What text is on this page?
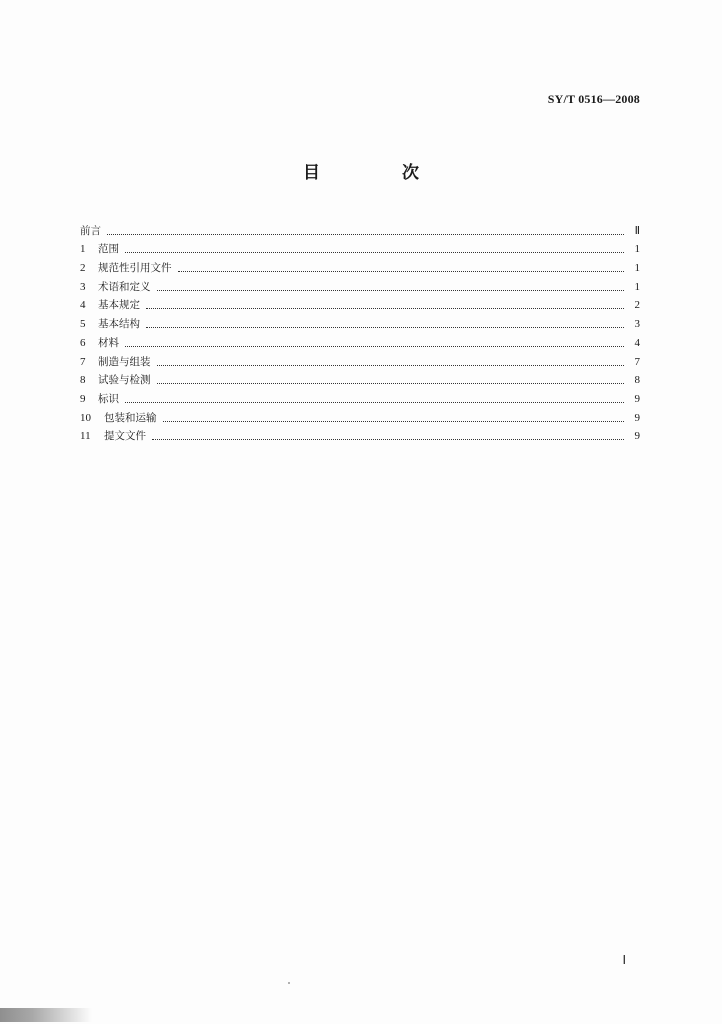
SY/T 0516—2008
目 次
前言	Ⅱ
1	范围	1
2	规范性引用文件	1
3	术语和定义	1
4	基本规定	2
5	基本结构	3
6	材料	4
7	制造与组装	7
8	试验与检测	8
9	标识	9
10	包装和运输	9
11	提文文件	9
Ⅰ
